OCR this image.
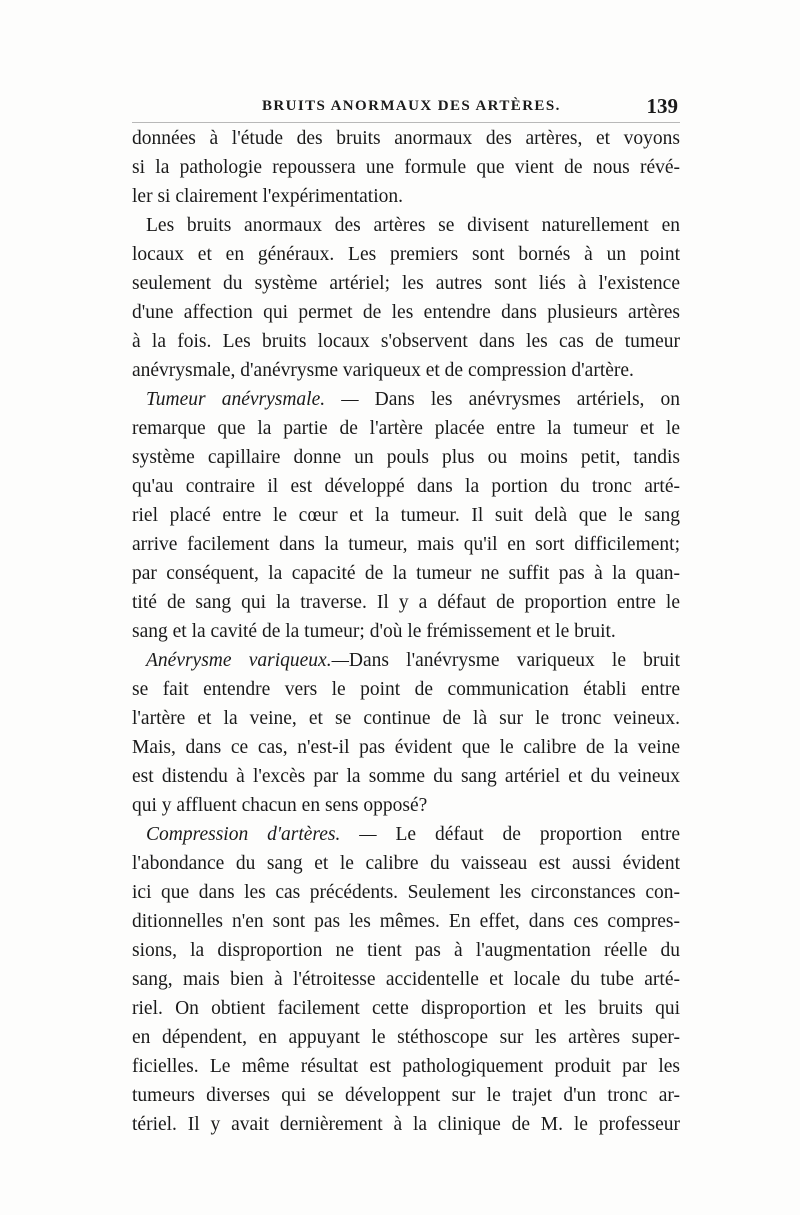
BRUITS ANORMAUX DES ARTÈRES.	139
données à l'étude des bruits anormaux des artères, et voyons
si la pathologie repoussera une formule que vient de nous révé-
ler si clairement l'expérimentation.
Les bruits anormaux des artères se divisent naturellement en
locaux et en généraux. Les premiers sont bornés à un point
seulement du système artériel; les autres sont liés à l'existence
d'une affection qui permet de les entendre dans plusieurs artères
à la fois. Les bruits locaux s'observent dans les cas de tumeur
anévrysmale, d'anévrysme variqueux et de compression d'artère.
Tumeur anévrysmale. — Dans les anévrysmes artériels, on
remarque que la partie de l'artère placée entre la tumeur et le
système capillaire donne un pouls plus ou moins petit, tandis
qu'au contraire il est développé dans la portion du tronc arté-
riel placé entre le cœur et la tumeur. Il suit delà que le sang
arrive facilement dans la tumeur, mais qu'il en sort difficilement;
par conséquent, la capacité de la tumeur ne suffit pas à la quan-
tité de sang qui la traverse. Il y a défaut de proportion entre le
sang et la cavité de la tumeur; d'où le frémissement et le bruit.
Anévrysme variqueux.—Dans l'anévrysme variqueux le bruit
se fait entendre vers le point de communication établi entre
l'artère et la veine, et se continue de là sur le tronc veineux.
Mais, dans ce cas, n'est-il pas évident que le calibre de la veine
est distendu à l'excès par la somme du sang artériel et du veineux
qui y affluent chacun en sens opposé?
Compression d'artères. — Le défaut de proportion entre
l'abondance du sang et le calibre du vaisseau est aussi évident
ici que dans les cas précédents. Seulement les circonstances con-
ditionnelles n'en sont pas les mêmes. En effet, dans ces compres-
sions, la disproportion ne tient pas à l'augmentation réelle du
sang, mais bien à l'étroitesse accidentelle et locale du tube arté-
riel. On obtient facilement cette disproportion et les bruits qui
en dépendent, en appuyant le stéthoscope sur les artères super-
ficielles. Le même résultat est pathologiquement produit par les
tumeurs diverses qui se développent sur le trajet d'un tronc ar-
tériel. Il y avait dernièrement à la clinique de M. le professeur
